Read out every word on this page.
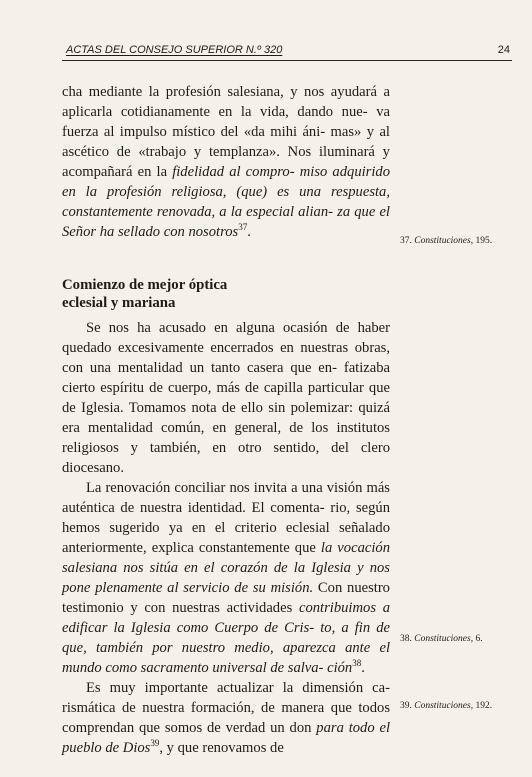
ACTAS DEL CONSEJO SUPERIOR N.º 320	24

cha mediante la profesión salesiana, y nos ayudará a aplicarla cotidianamente en la vida, dando nue- va fuerza al impulso místico del «da mihi áni- mas» y al ascético de «trabajo y templanza». Nos iluminará y acompañará en la fidelidad al compro- miso adquirido en la profesión religiosa, (que) es una respuesta, constantemente renovada, a la especial alian- za que el Señor ha sellado con nosotros$^{37}$.

Comienzo de mejor óptica
eclesial y mariana

Se nos ha acusado en alguna ocasión de haber quedado excesivamente encerrados en nuestras obras, con una mentalidad un tanto casera que en- fatizaba cierto espíritu de cuerpo, más de capilla particular que de Iglesia. Tomamos nota de ello sin polemizar: quizá era mentalidad común, en general, de los institutos religiosos y también, en otro sentido, del clero diocesano.

La renovación conciliar nos invita a una visión más auténtica de nuestra identidad. El comenta- rio, según hemos sugerido ya en el criterio eclesial señalado anteriormente, explica constantemente que la vocación salesiana nos sitúa en el corazón de la Iglesia y nos pone plenamente al servicio de su misión. Con nuestro testimonio y con nuestras actividades contribuimos a edificar la Iglesia como Cuerpo de Cris- to, a fin de que, también por nuestro medio, aparezca ante el mundo como sacramento universal de salva- ción$^{38}$.

Es muy importante actualizar la dimensión ca- rismática de nuestra formación, de manera que todos comprendan que somos de verdad un don para todo el pueblo de Dios$^{39}$, y que renovamos de

37. Constituciones, 195.
38. Constituciones, 6.
39. Constituciones, 192.
